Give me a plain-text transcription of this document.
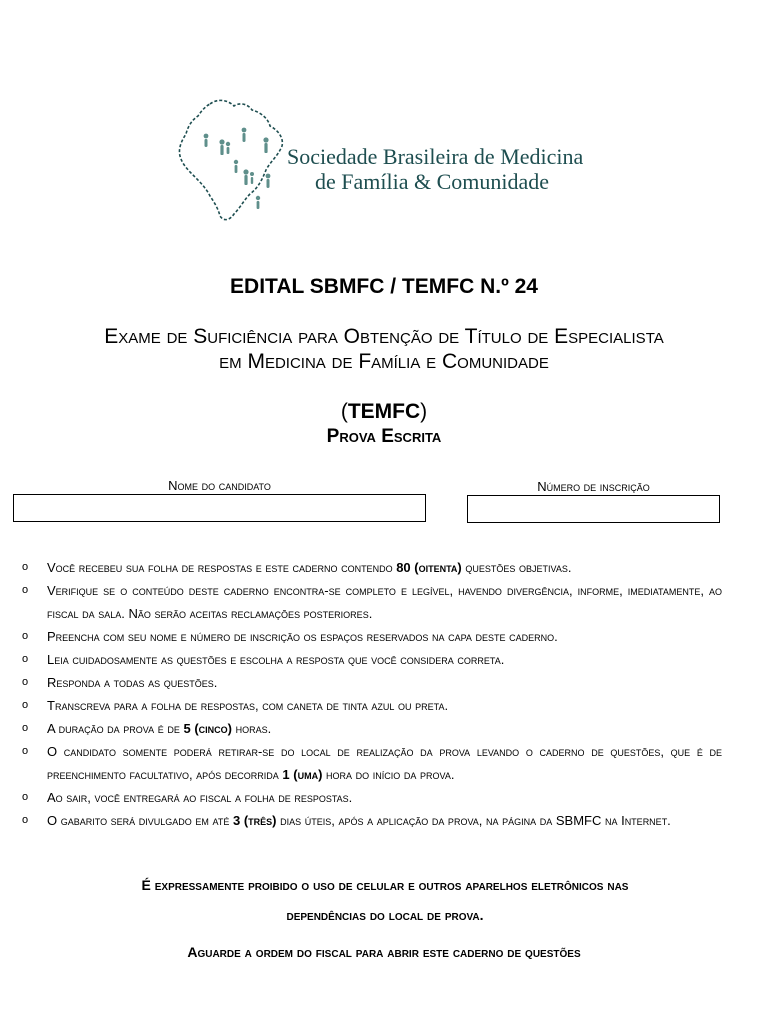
Sociedade Brasileira de Medicina
de Família & Comunidade
EDITAL SBMFC / TEMFC N.º 24
Exame de Suficiência para Obtenção de Título de Especialista
em Medicina de Família e Comunidade
(TEMFC)
Prova Escrita
Nome do candidato	Número de inscrição
o Você recebeu sua folha de respostas e este caderno contendo 80 (oitenta) questões objetivas.
o Verifique se o conteúdo deste caderno encontra-se completo e legível, havendo divergência, informe, imediatamente, ao fiscal da sala. Não serão aceitas reclamações posteriores.
o Preencha com seu nome e número de inscrição os espaços reservados na capa deste caderno.
o Leia cuidadosamente as questões e escolha a resposta que você considera correta.
o Responda a todas as questões.
o Transcreva para a folha de respostas, com caneta de tinta azul ou preta.
o A duração da prova é de 5 (cinco) horas.
o O candidato somente poderá retirar-se do local de realização da prova levando o caderno de questões, que é de preenchimento facultativo, após decorrida 1 (uma) hora do início da prova.
o Ao sair, você entregará ao fiscal a folha de respostas.
o O gabarito será divulgado em até 3 (três) dias úteis, após a aplicação da prova, na página da SBMFC na Internet.
É expressamente proibido o uso de celular e outros aparelhos eletrônicos nas
dependências do local de prova.
Aguarde a ordem do fiscal para abrir este caderno de questões
